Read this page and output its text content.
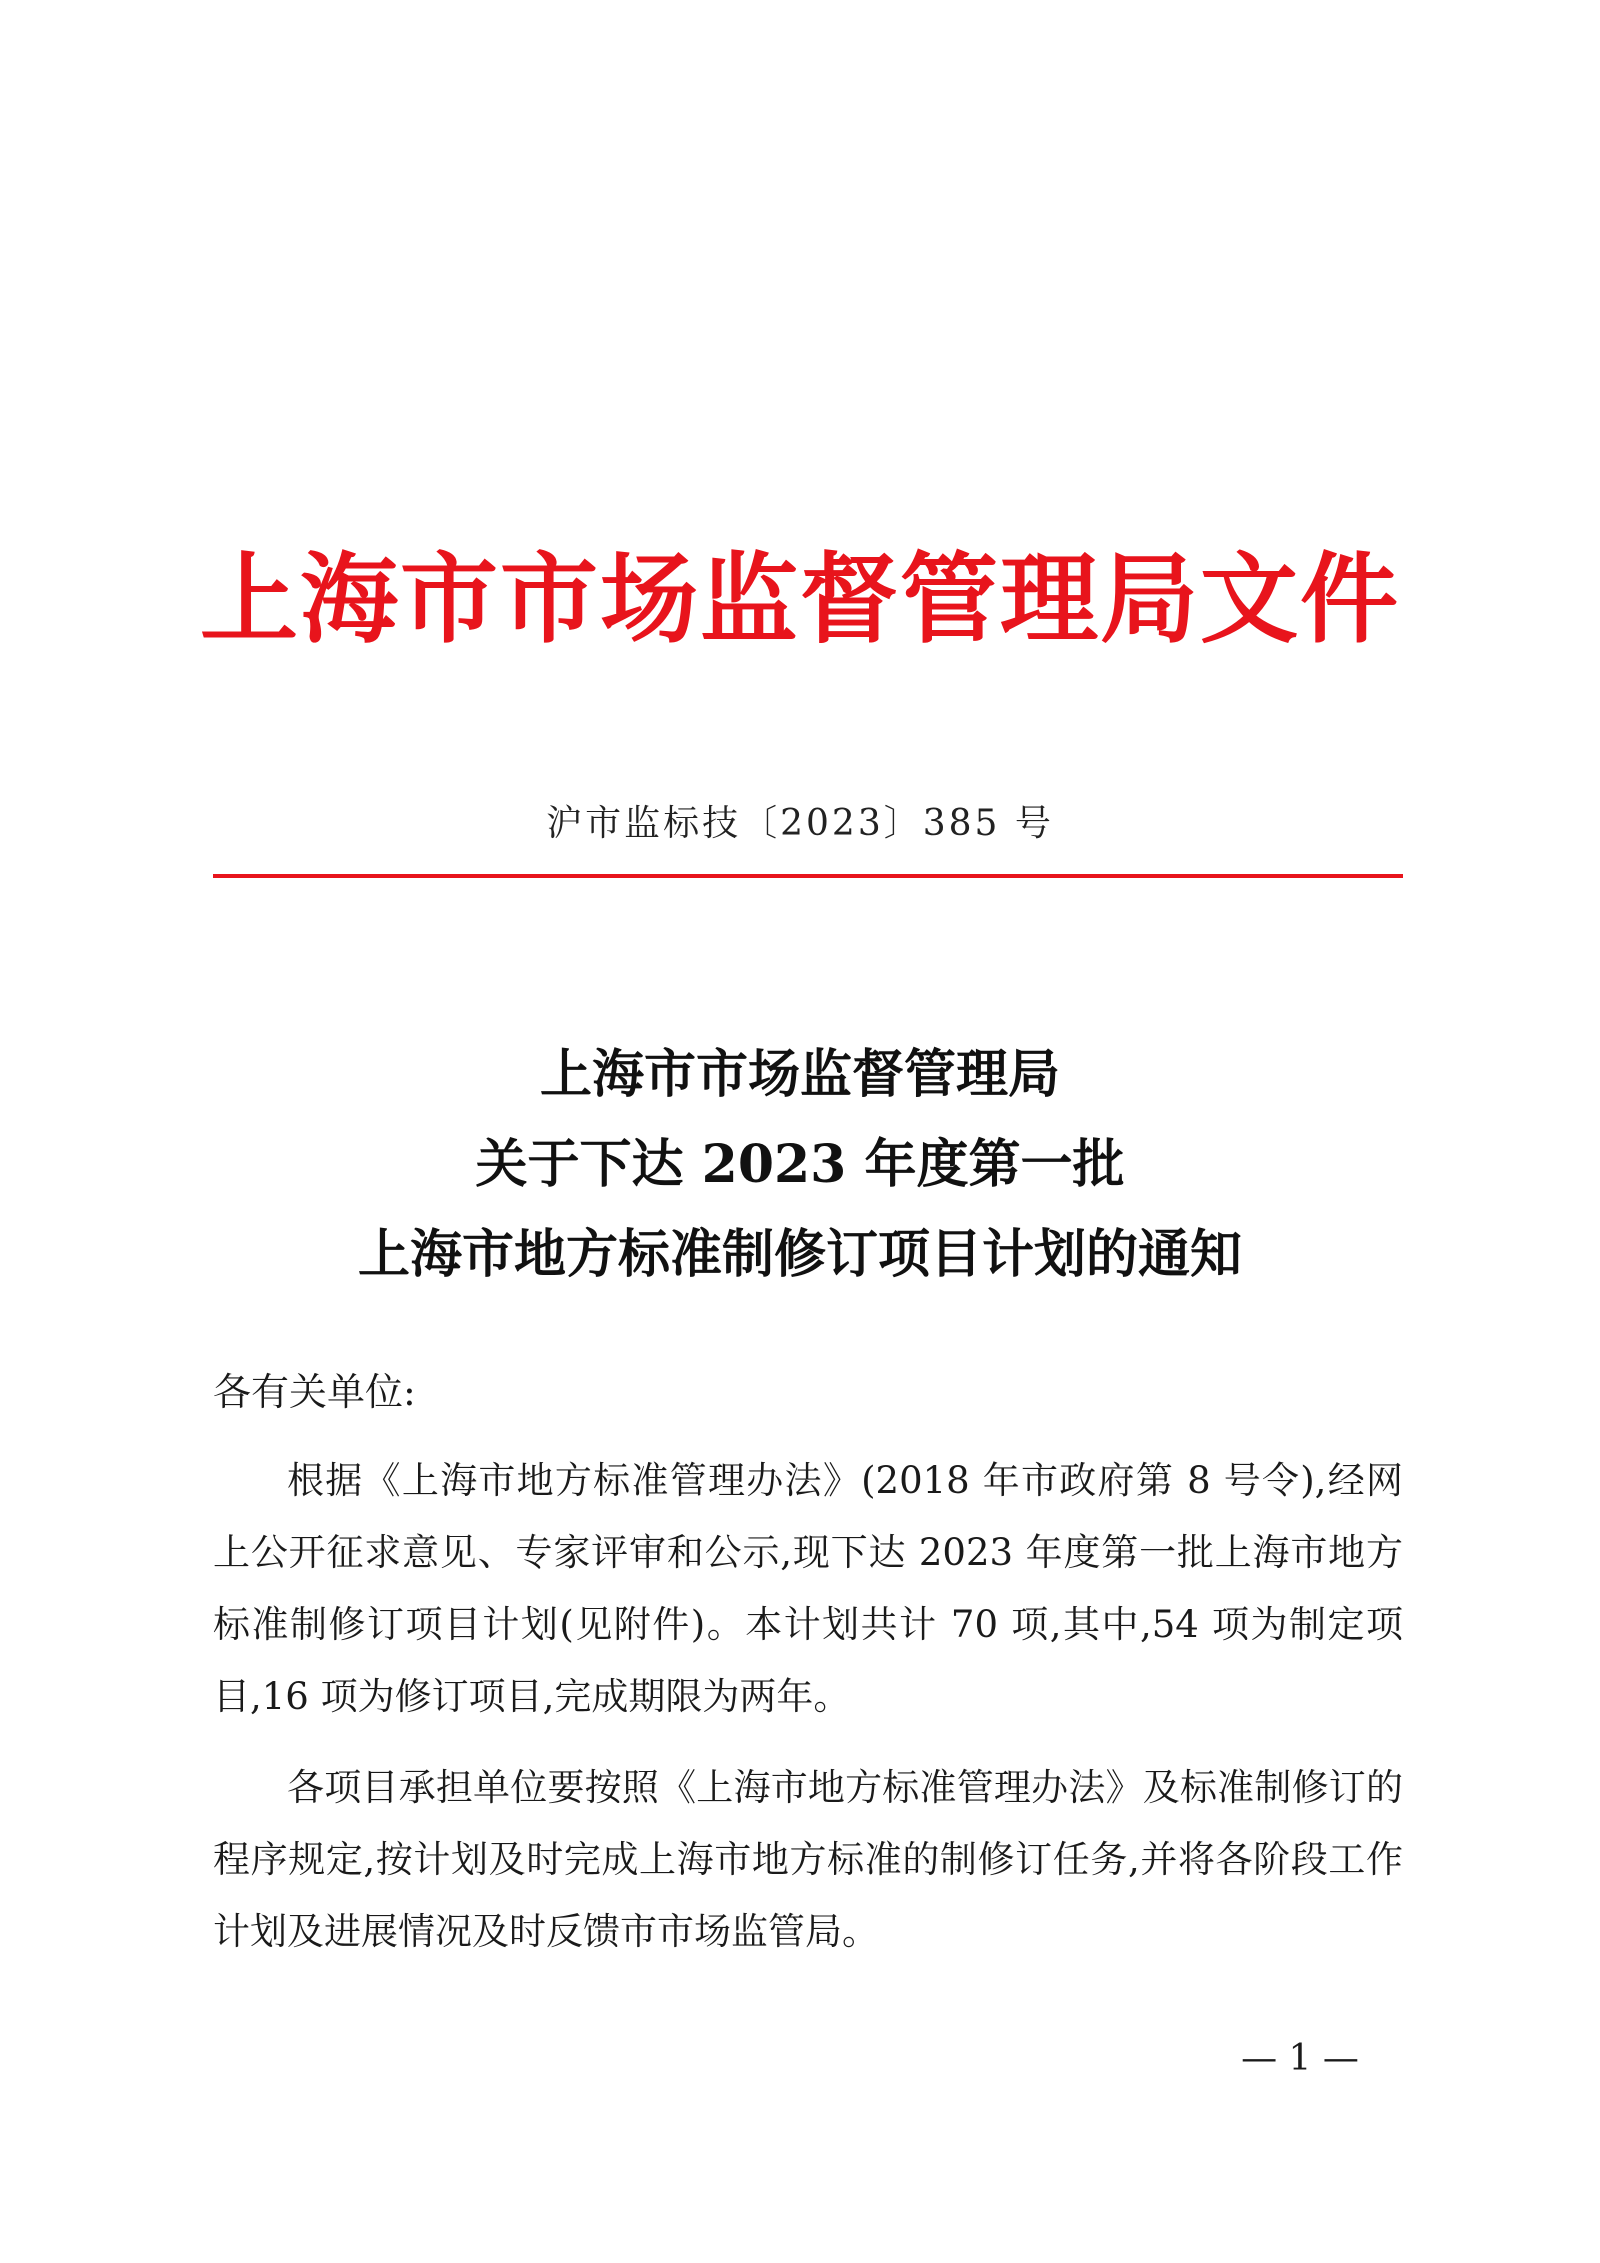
上海市市场监督管理局文件
沪市监标技〔2023〕385 号
上海市市场监督管理局
关于下达 2023 年度第一批
上海市地方标准制修订项目计划的通知
各有关单位:
根据《上海市地方标准管理办法》(2018 年市政府第 8 号令),经网上公开征求意见、专家评审和公示,现下达 2023 年度第一批上海市地方标准制修订项目计划(见附件)。本计划共计 70 项,其中,54 项为制定项目,16 项为修订项目,完成期限为两年。
各项目承担单位要按照《上海市地方标准管理办法》及标准制修订的程序规定,按计划及时完成上海市地方标准的制修订任务,并将各阶段工作计划及进展情况及时反馈市市场监管局。
— 1 —
